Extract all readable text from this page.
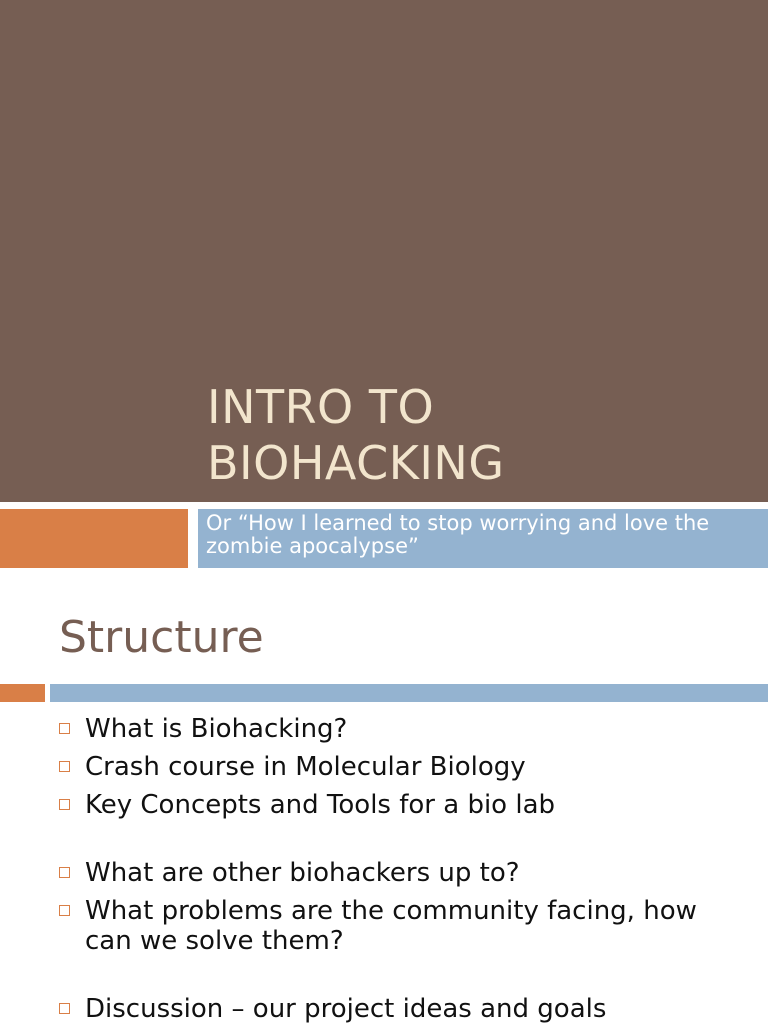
INTRO TO
BIOHACKING
Or “How I learned to stop worrying and love the zombie apocalypse”
Structure
What is Biohacking?
Crash course in Molecular Biology
Key Concepts and Tools for a bio lab
What are other biohackers up to?
What problems are the community facing, how can we solve them?
Discussion – our project ideas and goals
